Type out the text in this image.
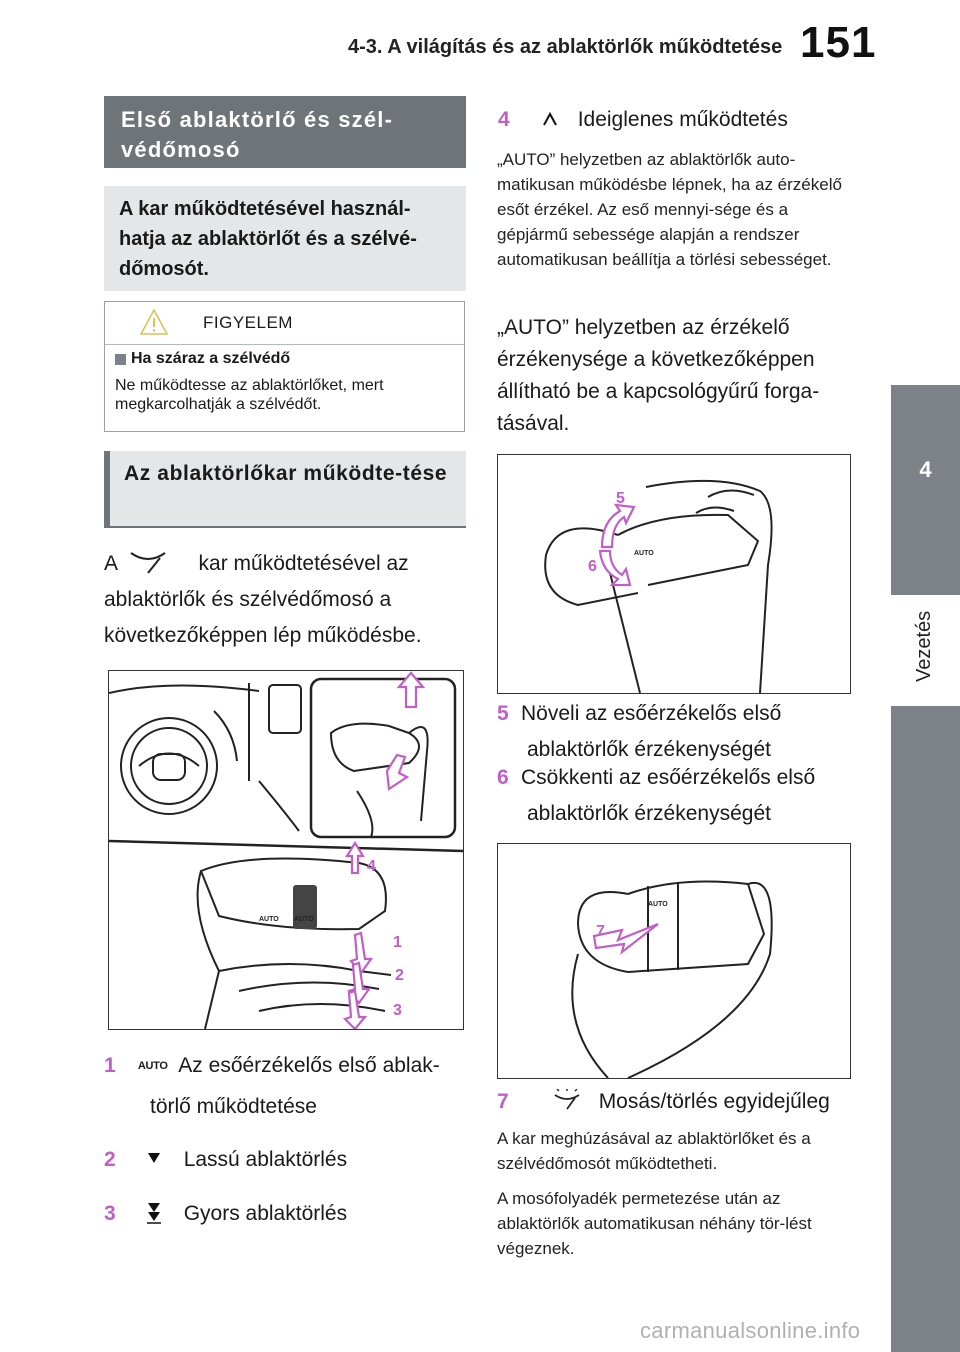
4-3. A világítás és az ablaktörlők működtetése 151
4
Vezetés
Első ablaktörlő és szél-védőmosó
A kar működtetésével használ-hatja az ablaktörlőt és a szélvé-dőmosót.
FIGYELEM
Ha száraz a szélvédő
Ne működtesse az ablaktörlőket, mert megkarcolhatják a szélvédőt.
Az ablaktörlőkar működte-tése
A	kar működtetésével az ablaktörlők és szélvédőmosó a következőképpen lép működésbe.
4
1
2
3
AUTO AUTO
1 AUTO Az esőérzékelős első ablak-
törlő működtetése
2	Lassú ablaktörlés
3	Gyors ablaktörlés
4	Ideiglenes működtetés
„AUTO” helyzetben az ablaktörlők auto-matikusan működésbe lépnek, ha az érzékelő esőt érzékel. Az eső mennyi-sége és a gépjármű sebessége alapján a rendszer automatikusan beállítja a törlési sebességet.
„AUTO” helyzetben az érzékelő érzékenysége a következőképpen állítható be a kapcsológyűrű forga-tásával.
5
6
AUTO
5 Növeli az esőérzékelős első
ablaktörlők érzékenységét
6 Csökkenti az esőérzékelős első
ablaktörlők érzékenységét
7
AUTO
7	Mosás/törlés egyidejűleg
A kar meghúzásával az ablaktörlőket és a szélvédőmosót működtetheti.
A mosófolyadék permetezése után az ablaktörlők automatikusan néhány tör-lést végeznek.
carmanualsonline.info
